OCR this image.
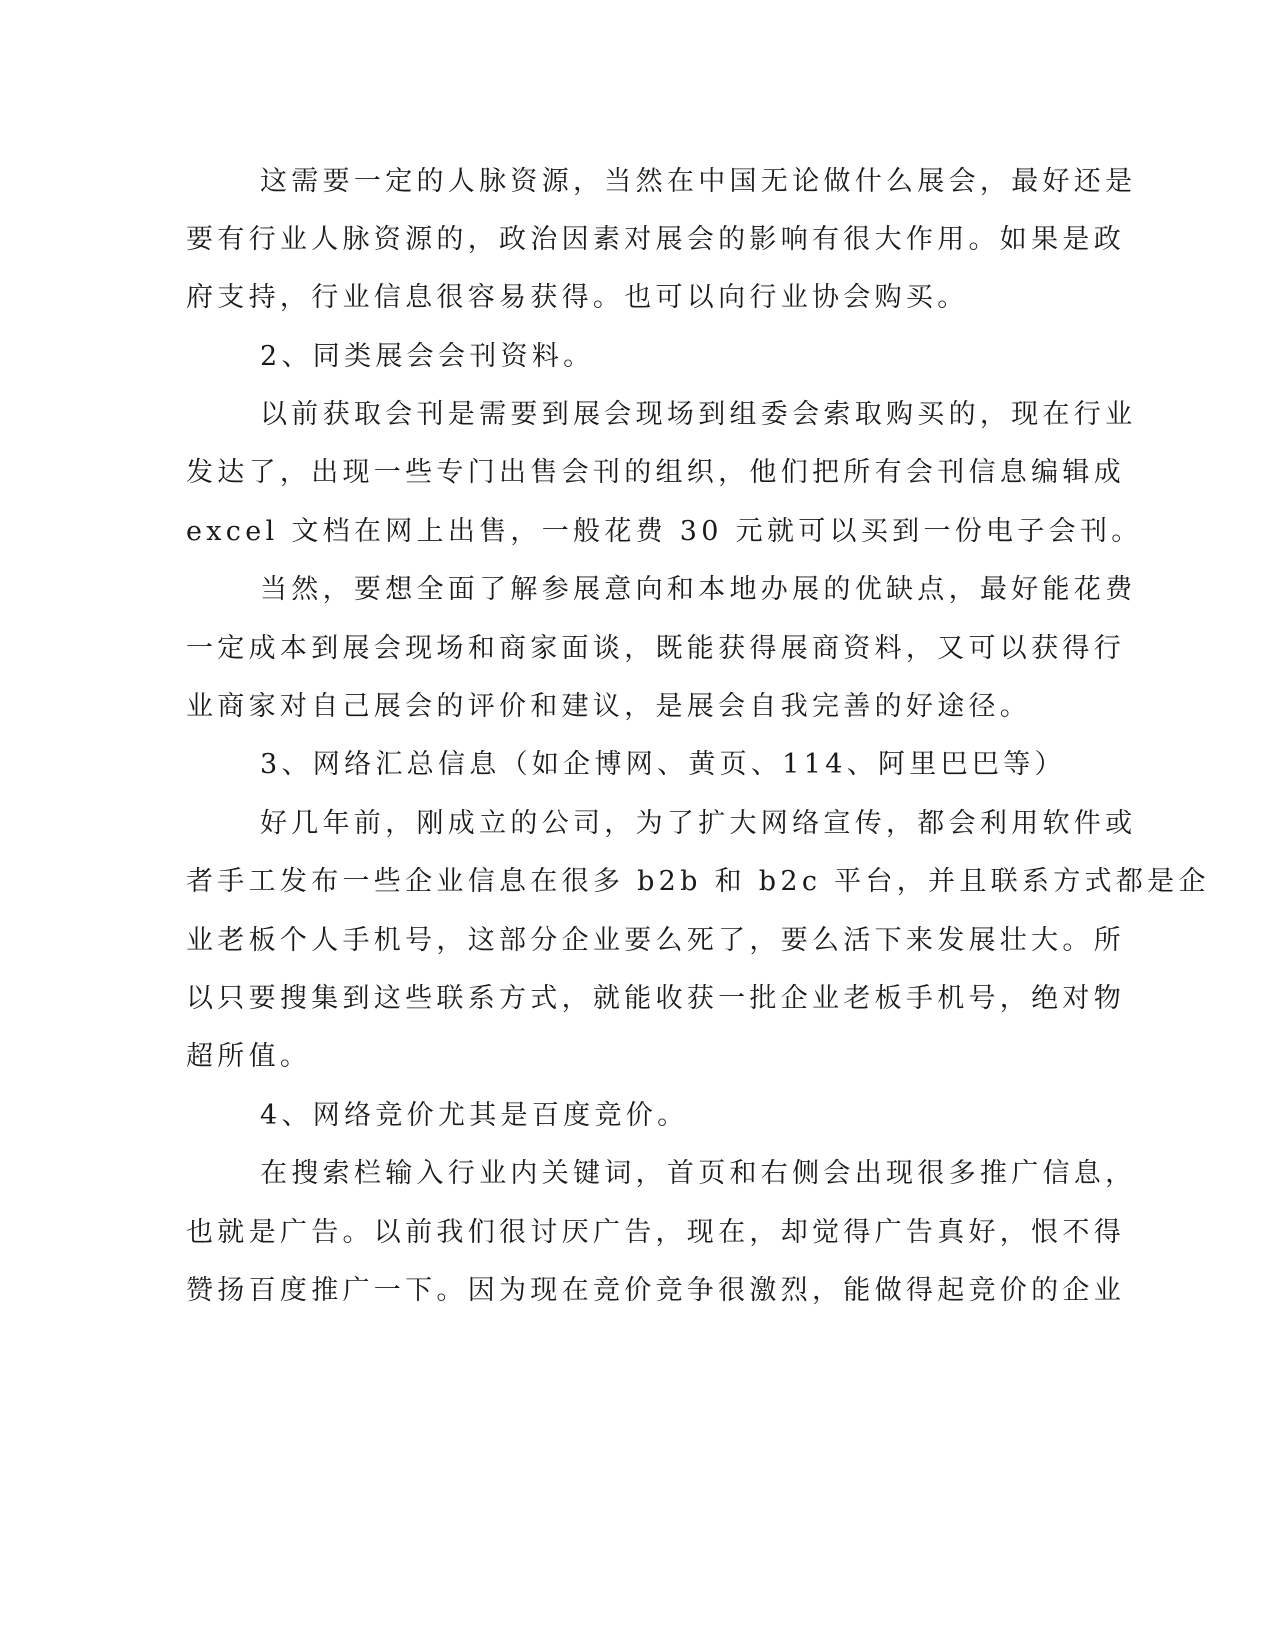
这需要一定的人脉资源，当然在中国无论做什么展会，最好还是
要有行业人脉资源的，政治因素对展会的影响有很大作用。如果是政
府支持，行业信息很容易获得。也可以向行业协会购买。
2、同类展会会刊资料。
以前获取会刊是需要到展会现场到组委会索取购买的，现在行业
发达了，出现一些专门出售会刊的组织，他们把所有会刊信息编辑成
excel 文档在网上出售，一般花费 30 元就可以买到一份电子会刊。
当然，要想全面了解参展意向和本地办展的优缺点，最好能花费
一定成本到展会现场和商家面谈，既能获得展商资料，又可以获得行
业商家对自己展会的评价和建议，是展会自我完善的好途径。
3、网络汇总信息（如企博网、黄页、114、阿里巴巴等）
好几年前，刚成立的公司，为了扩大网络宣传，都会利用软件或
者手工发布一些企业信息在很多 b2b 和 b2c 平台，并且联系方式都是企
业老板个人手机号，这部分企业要么死了，要么活下来发展壮大。所
以只要搜集到这些联系方式，就能收获一批企业老板手机号，绝对物
超所值。
4、网络竞价尤其是百度竞价。
在搜索栏输入行业内关键词，首页和右侧会出现很多推广信息，
也就是广告。以前我们很讨厌广告，现在，却觉得广告真好，恨不得
赞扬百度推广一下。因为现在竞价竞争很激烈，能做得起竞价的企业
